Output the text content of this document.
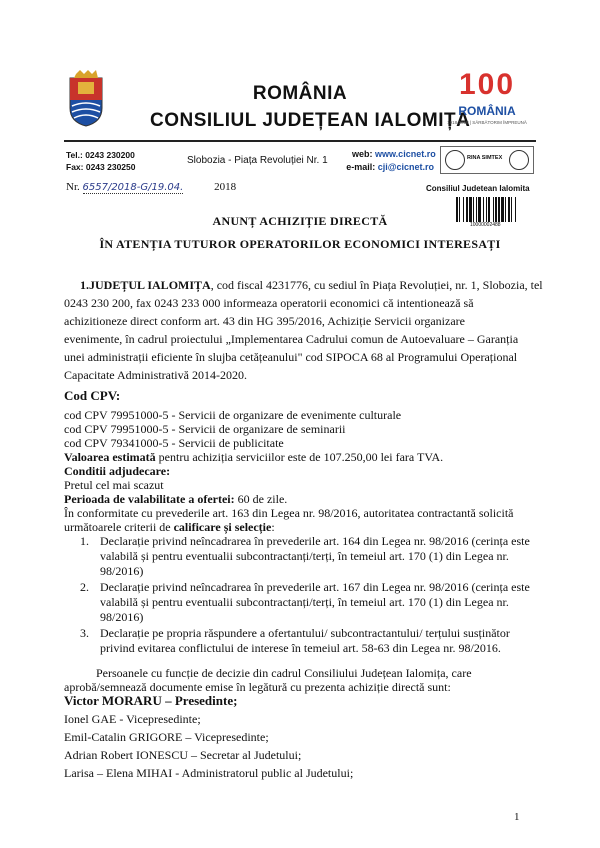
ROMÂNIA
CONSILIUL JUDEȚEAN IALOMIȚA
100
ROMÂNIA
1918-2018 | SĂRBĂTORIM ÎMPREUNĂ
Tel.: 0243 230200
Fax: 0243 230250
Slobozia - Piața Revoluției Nr. 1
web: www.cicnet.ro
e-mail: cji@cicnet.ro
RINA SIMTEX
Nr. 6557/2018-G/19.04.	2018	Consiliul Judetean Ialomita
10000002488
ANUNȚ ACHIZIȚIE DIRECTĂ
ÎN ATENȚIA TUTUROR OPERATORILOR ECONOMICI INTERESAȚI
1.JUDEȚUL IALOMIȚA, cod fiscal 4231776, cu sediul în Piața Revoluției, nr. 1, Slobozia, tel
0243 230 200, fax 0243 233 000 informeaza operatorii economici că intentionează să
achizitioneze direct conform art. 43 din HG 395/2016, Achiziție Servicii organizare
evenimente, în cadrul proiectului „Implementarea Cadrului comun de Autoevaluare – Garanția
unei administrații eficiente în slujba cetățeanului" cod SIPOCA 68 al Programului Operațional
Capacitate Administrativă 2014-2020.
Cod CPV:
cod CPV 79951000-5 - Servicii de organizare de evenimente culturale
cod CPV 79951000-5 - Servicii de organizare de seminarii
cod CPV 79341000-5 - Servicii de publicitate
Valoarea estimată pentru achiziția serviciilor este de 107.250,00 lei fara TVA.
Conditii adjudecare:
Pretul cel mai scazut
Perioada de valabilitate a ofertei: 60 de zile.
În conformitate cu prevederile art. 163 din Legea nr. 98/2016, autoritatea contractantă solicită
următoarele criterii de calificare și selecție:
1. Declarație privind neîncadrarea în prevederile art. 164 din Legea nr. 98/2016 (cerința este
valabilă și pentru eventualii subcontractanți/terți, în temeiul art. 170 (1) din Legea nr.
98/2016)
2. Declarație privind neîncadrarea în prevederile art. 167 din Legea nr. 98/2016 (cerința este
valabilă și pentru eventualii subcontractanți/terți, în temeiul art. 170 (1) din Legea nr.
98/2016)
3. Declarație pe propria răspundere a ofertantului/ subcontractantului/ terțului susținător
privind evitarea conflictului de interese în temeiul art. 58-63 din Legea nr. 98/2016.
Persoanele cu funcție de decizie din cadrul Consiliului Județean Ialomița, care
aprobă/semnează documente emise în legătură cu prezenta achiziție directă sunt:
Victor MORARU – Presedinte;
Ionel GAE - Vicepresedinte;
Emil-Catalin GRIGORE – Vicepresedinte;
Adrian Robert IONESCU – Secretar al Judetului;
Larisa – Elena MIHAI - Administratorul public al Judetului;
1
